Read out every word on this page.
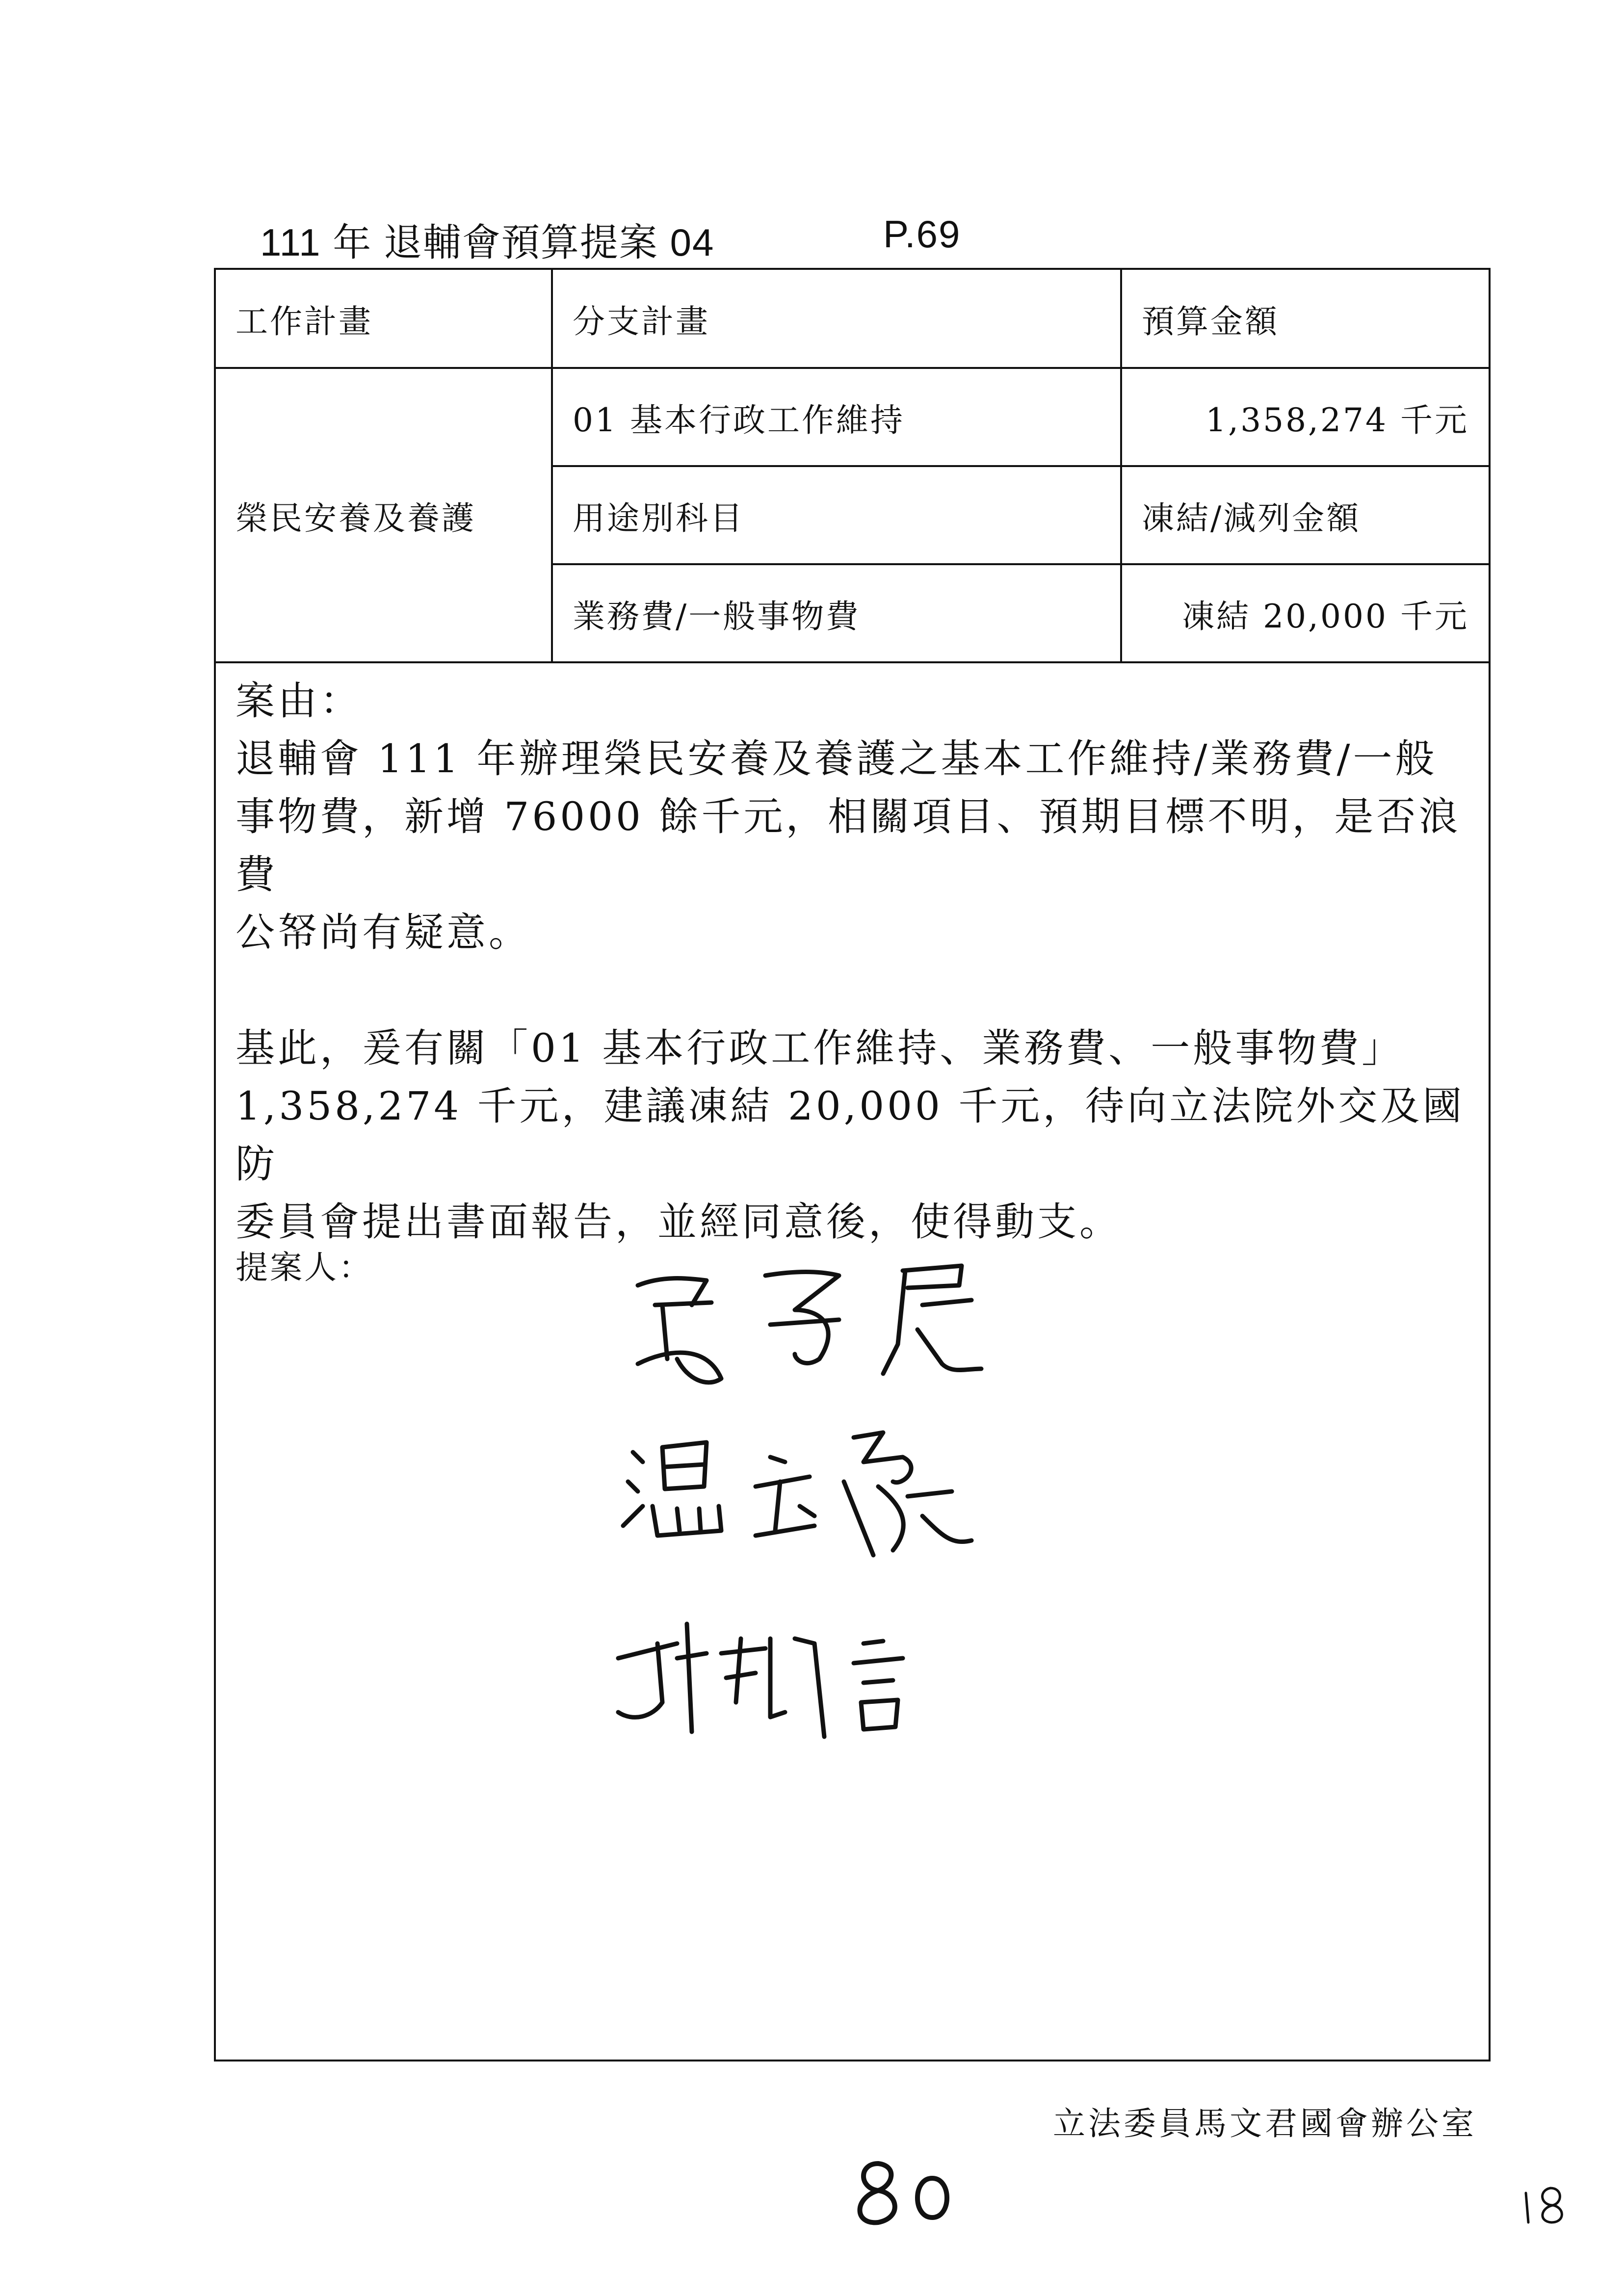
111 年 退輔會預算提案 04	P.69
工作計畫	分支計畫	預算金額
榮民安養及養護	01 基本行政工作維持	1,358,274 千元
	用途別科目	凍結/減列金額
	業務費/一般事物費	凍結 20,000 千元

案由：

退輔會 111 年辦理榮民安養及養護之基本工作維持/業務費/一般

事物費，新增 76000 餘千元，相關項目、預期目標不明，是否浪費

公帑尚有疑意。

基此，爰有關「01 基本行政工作維持、業務費、一般事物費」

1,358,274 千元，建議凍結 20,000 千元，待向立法院外交及國防

委員會提出書面報告，並經同意後，使得動支。

提案人：
立法委員馬文君國會辦公室
